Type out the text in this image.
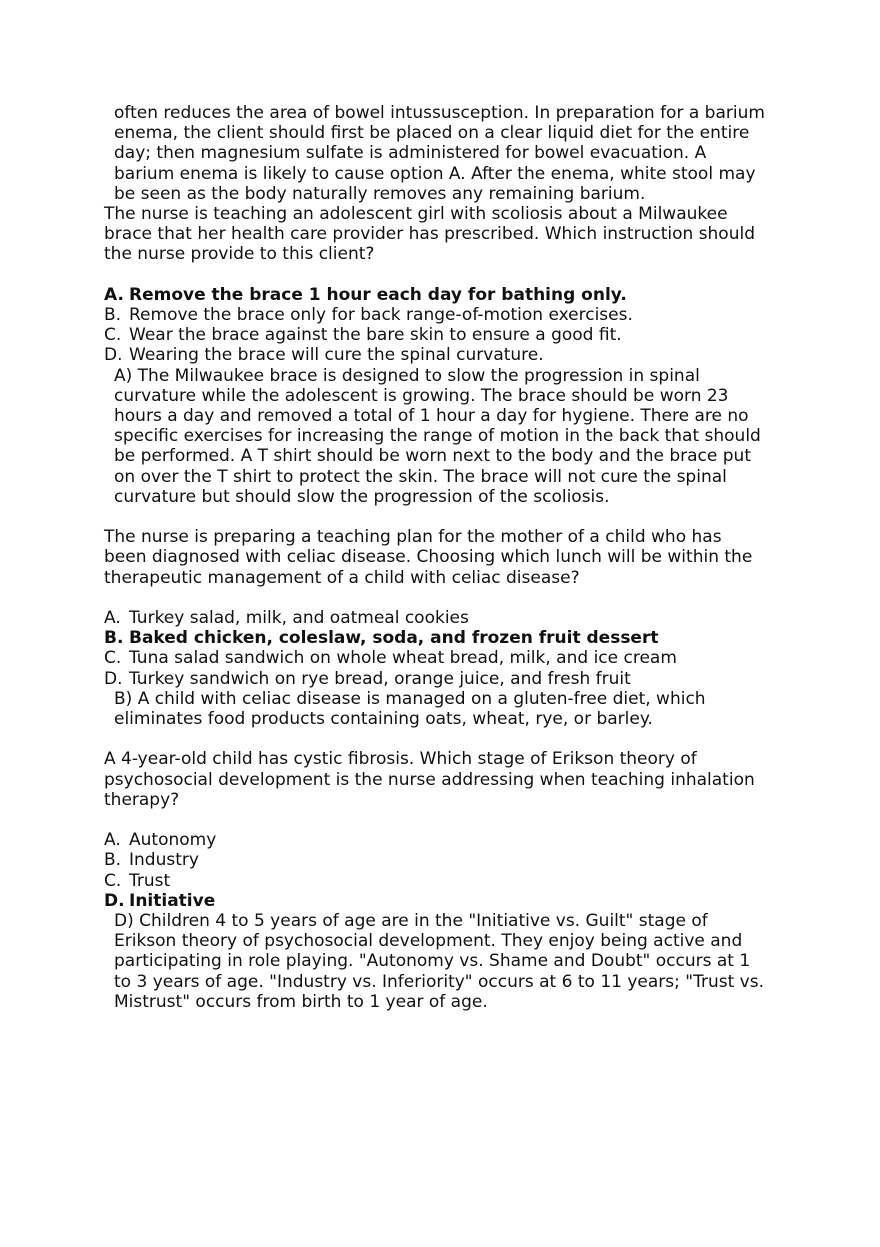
often reduces the area of bowel intussusception. In preparation for a barium

enema, the client should first be placed on a clear liquid diet for the entire

day; then magnesium sulfate is administered for bowel evacuation. A

barium enema is likely to cause option A. After the enema, white stool may

be seen as the body naturally removes any remaining barium.

The nurse is teaching an adolescent girl with scoliosis about a Milwaukee

brace that her health care provider has prescribed. Which instruction should

the nurse provide to this client?

A. Remove the brace 1 hour each day for bathing only.
B. Remove the brace only for back range-of-motion exercises.
C. Wear the brace against the bare skin to ensure a good fit.
D. Wearing the brace will cure the spinal curvature.

A) The Milwaukee brace is designed to slow the progression in spinal

curvature while the adolescent is growing. The brace should be worn 23

hours a day and removed a total of 1 hour a day for hygiene. There are no

specific exercises for increasing the range of motion in the back that should

be performed. A T shirt should be worn next to the body and the brace put

on over the T shirt to protect the skin. The brace will not cure the spinal

curvature but should slow the progression of the scoliosis.

The nurse is preparing a teaching plan for the mother of a child who has

been diagnosed with celiac disease. Choosing which lunch will be within the

therapeutic management of a child with celiac disease?

A. Turkey salad, milk, and oatmeal cookies
B. Baked chicken, coleslaw, soda, and frozen fruit dessert
C. Tuna salad sandwich on whole wheat bread, milk, and ice cream
D. Turkey sandwich on rye bread, orange juice, and fresh fruit

B) A child with celiac disease is managed on a gluten-free diet, which

eliminates food products containing oats, wheat, rye, or barley.

A 4-year-old child has cystic fibrosis. Which stage of Erikson theory of

psychosocial development is the nurse addressing when teaching inhalation

therapy?

A. Autonomy
B. Industry
C. Trust
D. Initiative

D) Children 4 to 5 years of age are in the "Initiative vs. Guilt" stage of

Erikson theory of psychosocial development. They enjoy being active and

participating in role playing. "Autonomy vs. Shame and Doubt" occurs at 1

to 3 years of age. "Industry vs. Inferiority" occurs at 6 to 11 years; "Trust vs.

Mistrust" occurs from birth to 1 year of age.
